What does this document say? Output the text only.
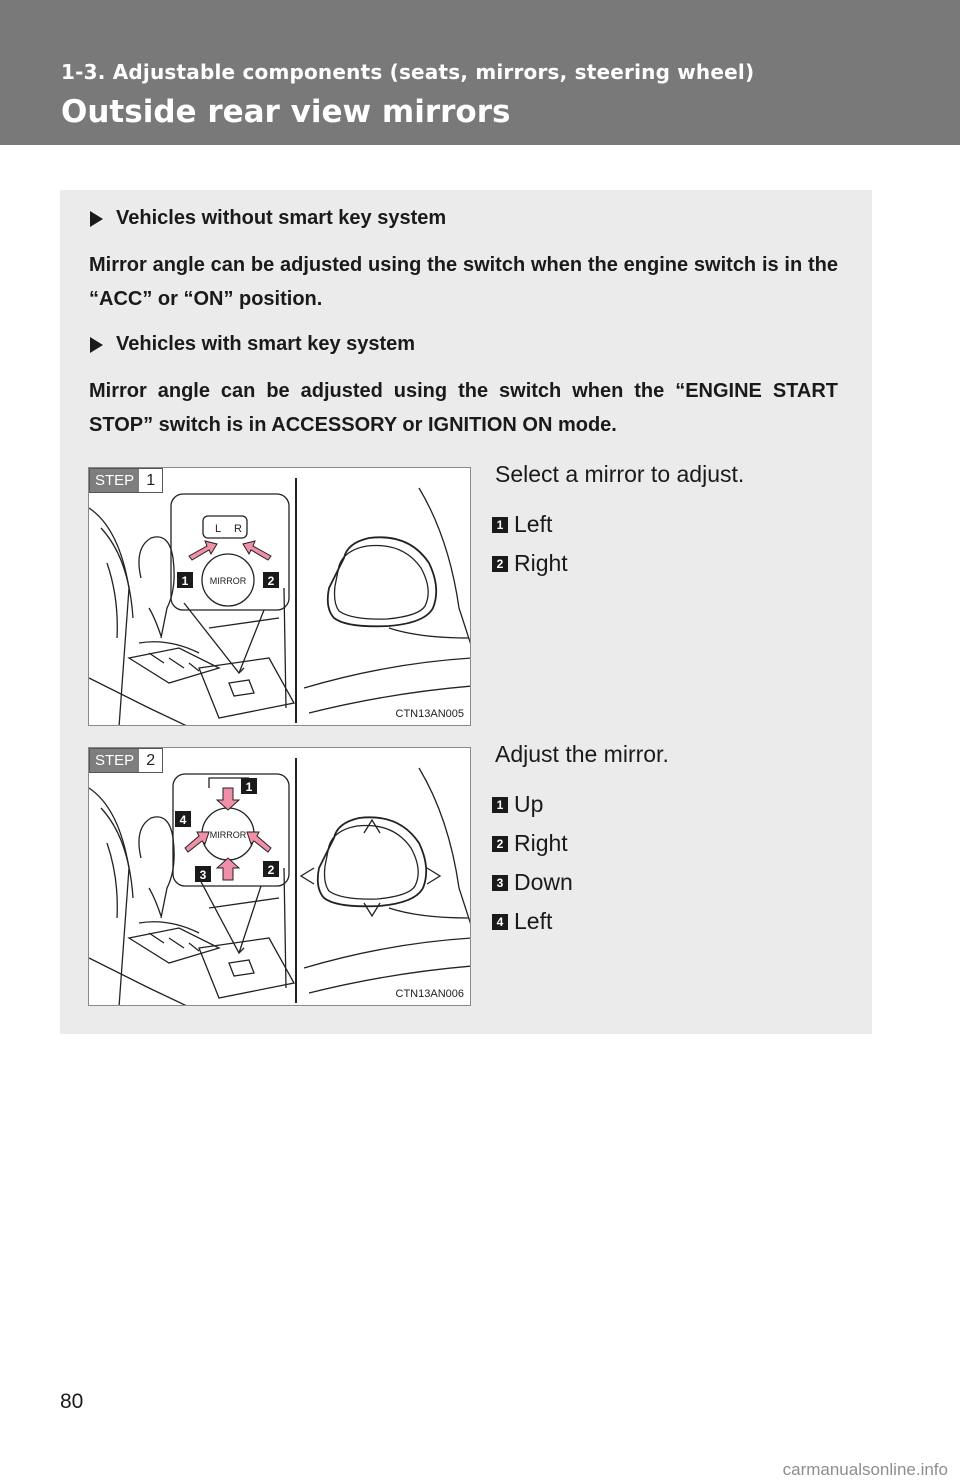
1-3. Adjustable components (seats, mirrors, steering wheel)
Outside rear view mirrors
Vehicles without smart key system
Mirror angle can be adjusted using the switch when the engine switch is in the “ACC” or “ON” position.
Vehicles with smart key system
Mirror angle can be adjusted using the switch when the “ENGINE START STOP” switch is in ACCESSORY or IGNITION ON mode.
L R
MIRROR
1	2
STEP 1
CTN13AN005
Select a mirror to adjust.
1 Left
2 Right
MIRROR
1
2
3
4
STEP 2
CTN13AN006
Adjust the mirror.
1 Up
2 Right
3 Down
4 Left
80
carmanualsonline.info
